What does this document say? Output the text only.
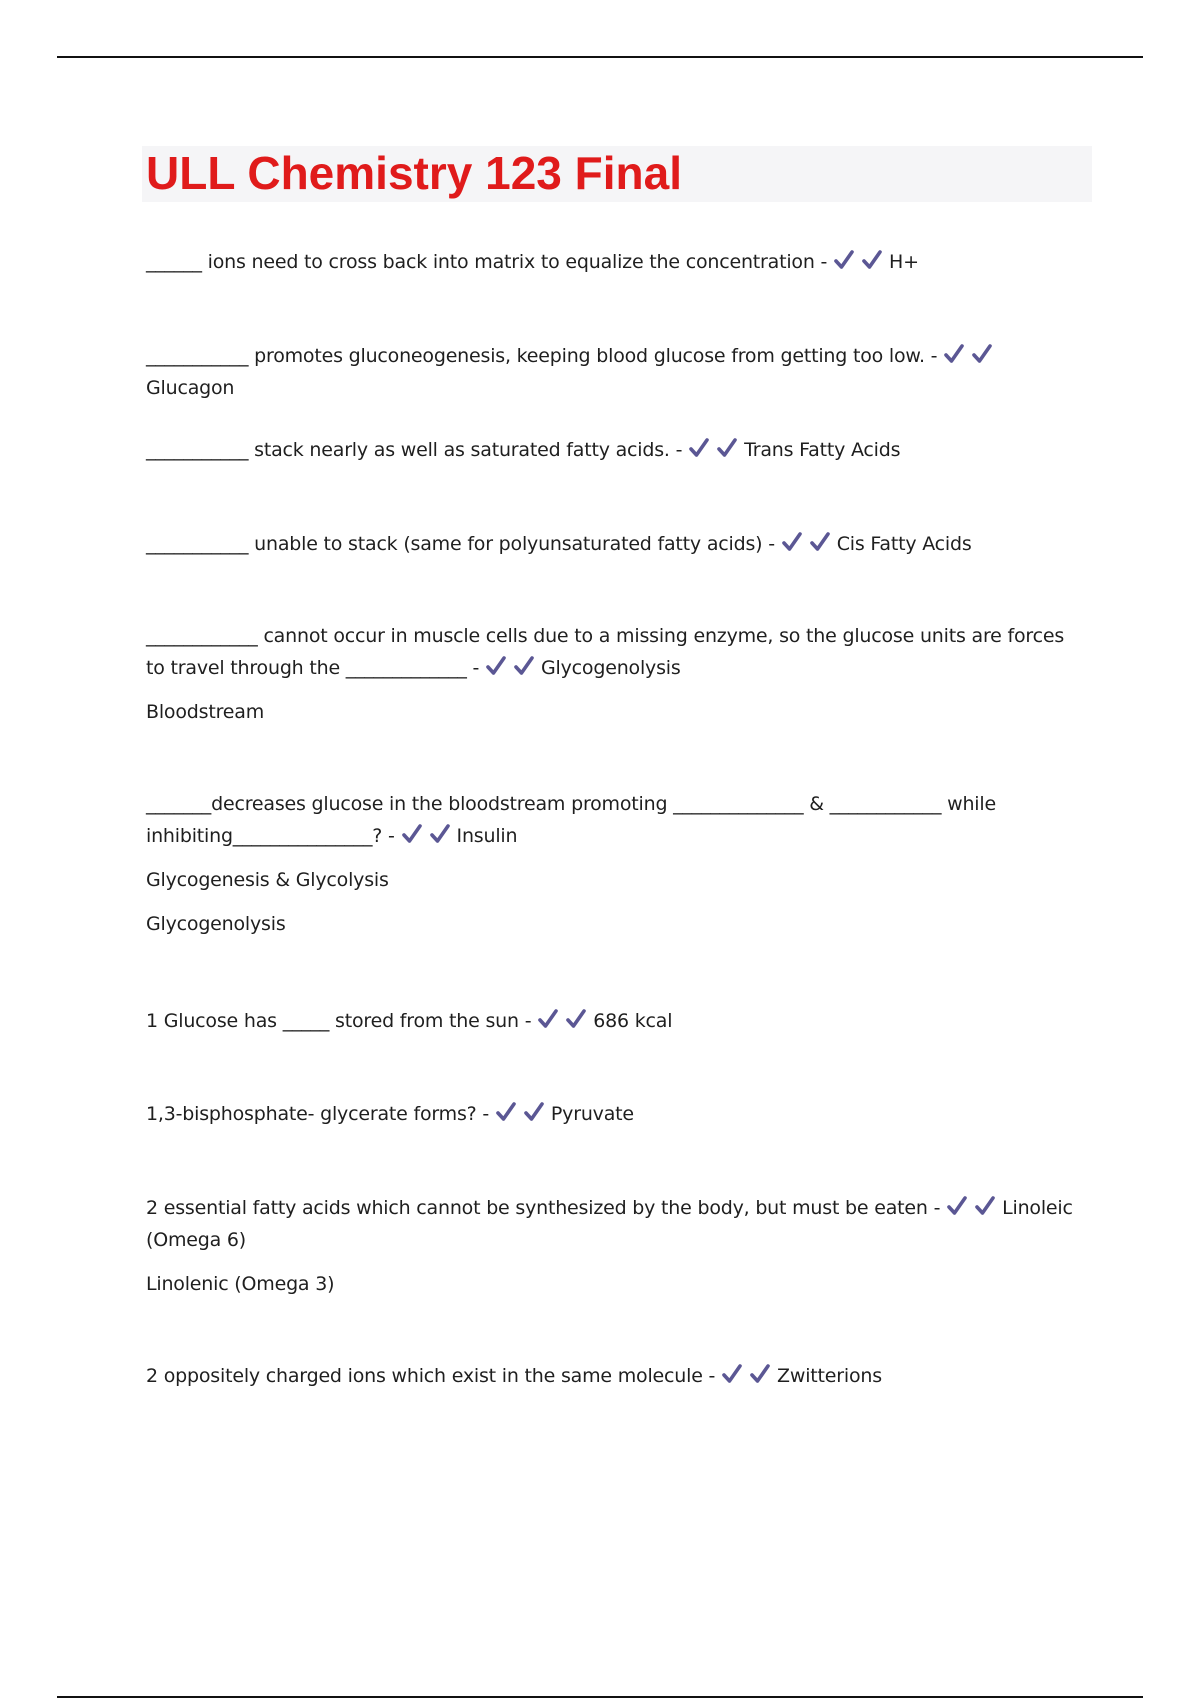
ULL Chemistry 123 Final

______ ions need to cross back into matrix to equalize the concentration -	H+

___________ promotes gluconeogenesis, keeping blood glucose from getting too low. -
Glucagon

___________ stack nearly as well as saturated fatty acids. -	Trans Fatty Acids

___________ unable to stack (same for polyunsaturated fatty acids) -	Cis Fatty Acids

____________ cannot occur in muscle cells due to a missing enzyme, so the glucose units are forces to travel through the _____________ -	Glycogenolysis

Bloodstream

_______decreases glucose in the bloodstream promoting ______________ & ____________ while inhibiting_______________? -	Insulin

Glycogenesis & Glycolysis

Glycogenolysis

1 Glucose has _____ stored from the sun -	686 kcal

1,3-bisphosphate- glycerate forms? -	Pyruvate

2 essential fatty acids which cannot be synthesized by the body, but must be eaten -	Linoleic (Omega 6)

Linolenic (Omega 3)

2 oppositely charged ions which exist in the same molecule -	Zwitterions
